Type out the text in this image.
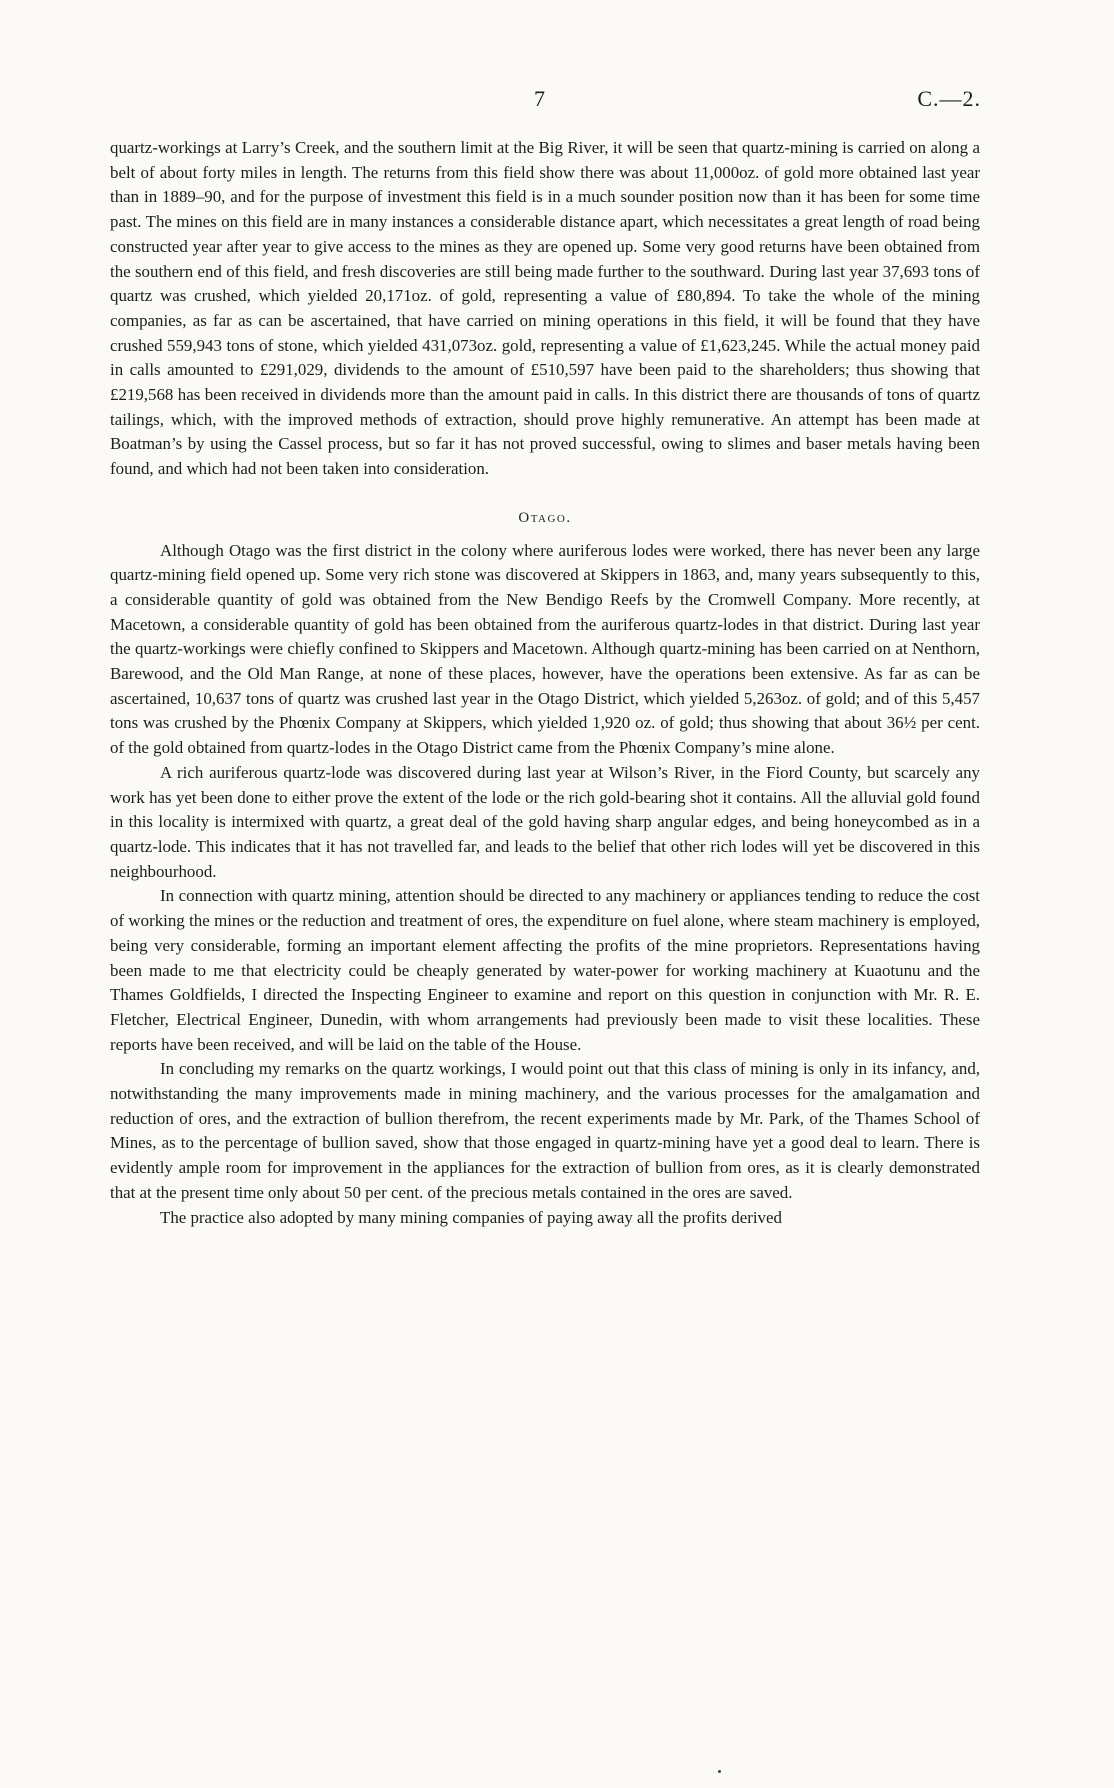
7	C.—2.

quartz-workings at Larry’s Creek, and the southern limit at the Big River, it will be seen that quartz-mining is carried on along a belt of about forty miles in length. The returns from this field show there was about 11,000oz. of gold more obtained last year than in 1889–90, and for the purpose of investment this field is in a much sounder position now than it has been for some time past. The mines on this field are in many instances a considerable distance apart, which necessitates a great length of road being constructed year after year to give access to the mines as they are opened up. Some very good returns have been obtained from the southern end of this field, and fresh discoveries are still being made further to the southward. During last year 37,693 tons of quartz was crushed, which yielded 20,171oz. of gold, representing a value of £80,894. To take the whole of the mining companies, as far as can be ascertained, that have carried on mining operations in this field, it will be found that they have crushed 559,943 tons of stone, which yielded 431,073oz. gold, representing a value of £1,623,245. While the actual money paid in calls amounted to £291,029, dividends to the amount of £510,597 have been paid to the shareholders; thus showing that £219,568 has been received in dividends more than the amount paid in calls. In this district there are thousands of tons of quartz tailings, which, with the improved methods of extraction, should prove highly remunerative. An attempt has been made at Boatman’s by using the Cassel process, but so far it has not proved successful, owing to slimes and baser metals having been found, and which had not been taken into consideration.

Otago.

Although Otago was the first district in the colony where auriferous lodes were worked, there has never been any large quartz-mining field opened up. Some very rich stone was discovered at Skippers in 1863, and, many years subsequently to this, a considerable quantity of gold was obtained from the New Bendigo Reefs by the Cromwell Company. More recently, at Macetown, a considerable quantity of gold has been obtained from the auriferous quartz-lodes in that district. During last year the quartz-workings were chiefly confined to Skippers and Macetown. Although quartz-mining has been carried on at Nenthorn, Barewood, and the Old Man Range, at none of these places, however, have the operations been extensive. As far as can be ascertained, 10,637 tons of quartz was crushed last year in the Otago District, which yielded 5,263oz. of gold; and of this 5,457 tons was crushed by the Phœnix Company at Skippers, which yielded 1,920 oz. of gold; thus showing that about 36½ per cent. of the gold obtained from quartz-lodes in the Otago District came from the Phœnix Company’s mine alone.

A rich auriferous quartz-lode was discovered during last year at Wilson’s River, in the Fiord County, but scarcely any work has yet been done to either prove the extent of the lode or the rich gold-bearing shot it contains. All the alluvial gold found in this locality is intermixed with quartz, a great deal of the gold having sharp angular edges, and being honeycombed as in a quartz-lode. This indicates that it has not travelled far, and leads to the belief that other rich lodes will yet be discovered in this neighbourhood.

In connection with quartz mining, attention should be directed to any machinery or appliances tending to reduce the cost of working the mines or the reduction and treatment of ores, the expenditure on fuel alone, where steam machinery is employed, being very considerable, forming an important element affecting the profits of the mine proprietors. Representations having been made to me that electricity could be cheaply generated by water-power for working machinery at Kuaotunu and the Thames Goldfields, I directed the Inspecting Engineer to examine and report on this question in conjunction with Mr. R. E. Fletcher, Electrical Engineer, Dunedin, with whom arrangements had previously been made to visit these localities. These reports have been received, and will be laid on the table of the House.

In concluding my remarks on the quartz workings, I would point out that this class of mining is only in its infancy, and, notwithstanding the many improvements made in mining machinery, and the various processes for the amalgamation and reduction of ores, and the extraction of bullion therefrom, the recent experiments made by Mr. Park, of the Thames School of Mines, as to the percentage of bullion saved, show that those engaged in quartz-mining have yet a good deal to learn. There is evidently ample room for improvement in the appliances for the extraction of bullion from ores, as it is clearly demonstrated that at the present time only about 50 per cent. of the precious metals contained in the ores are saved.

The practice also adopted by many mining companies of paying away all the profits derived
